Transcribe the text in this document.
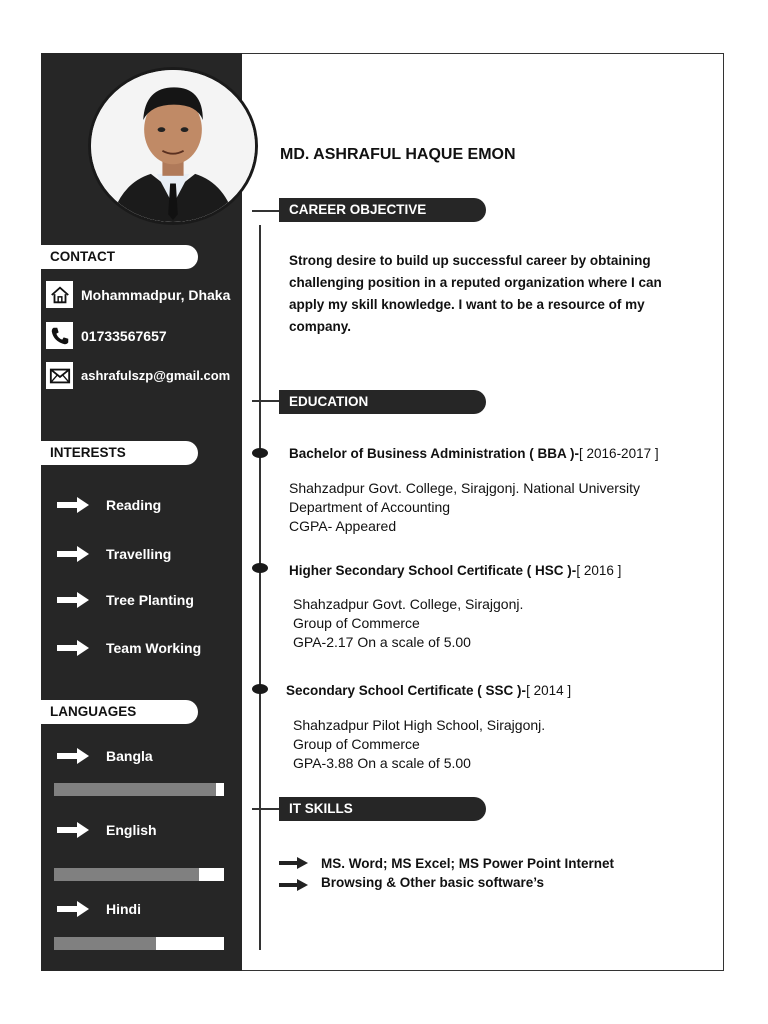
CONTACT
Mohammadpur, Dhaka
01733567657
ashrafulszp@gmail.com
INTERESTS
Reading
Travelling
Tree Planting
Team Working
LANGUAGES
Bangla
English
Hindi
MD. ASHRAFUL HAQUE EMON
CAREER OBJECTIVE
Strong desire to build up successful career by obtaining challenging position in a reputed organization where I can apply my skill knowledge. I want to be a resource of my company.
EDUCATION
Bachelor of Business Administration ( BBA )-[ 2016-2017 ]
Shahzadpur Govt. College, Sirajgonj. National University
Department of Accounting
CGPA- Appeared
Higher Secondary School Certificate ( HSC )-[ 2016 ]
Shahzadpur Govt. College, Sirajgonj.
Group of Commerce
GPA-2.17 On a scale of 5.00
Secondary School Certificate ( SSC )-[ 2014 ]
Shahzadpur Pilot High School, Sirajgonj.
Group of Commerce
GPA-3.88 On a scale of 5.00
IT SKILLS
MS. Word; MS Excel; MS Power Point Internet
Browsing & Other basic software’s
